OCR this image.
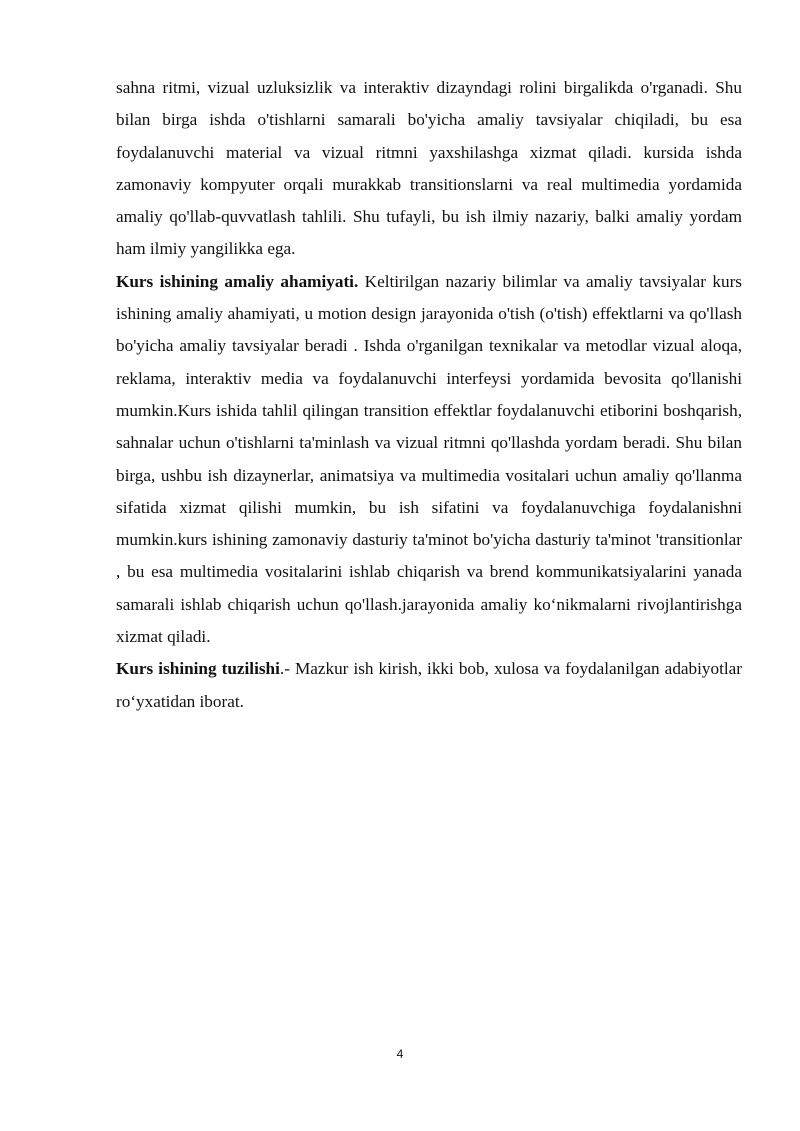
sahna ritmi, vizual uzluksizlik va interaktiv dizayndagi rolini birgalikda o'rganadi. Shu bilan birga ishda o'tishlarni samarali bo'yicha amaliy tavsiyalar chiqiladi, bu esa foydalanuvchi material va vizual ritmni yaxshilashga xizmat qiladi. kursida ishda zamonaviy kompyuter orqali murakkab transitionslarni va real multimedia yordamida amaliy qo'llab-quvvatlash tahlili. Shu tufayli, bu ish ilmiy nazariy, balki amaliy yordam ham ilmiy yangilikka ega.

Kurs ishining amaliy ahamiyati. Keltirilgan nazariy bilimlar va amaliy tavsiyalar kurs ishining amaliy ahamiyati, u motion design jarayonida o'tish (o'tish) effektlarni va qo'llash bo'yicha amaliy tavsiyalar beradi . Ishda o'rganilgan texnikalar va metodlar vizual aloqa, reklama, interaktiv media va foydalanuvchi interfeysi yordamida bevosita qo'llanishi mumkin.Kurs ishida tahlil qilingan transition effektlar foydalanuvchi etiborini boshqarish, sahnalar uchun o'tishlarni ta'minlash va vizual ritmni qo'llashda yordam beradi. Shu bilan birga, ushbu ish dizaynerlar, animatsiya va multimedia vositalari uchun amaliy qo'llanma sifatida xizmat qilishi mumkin, bu ish sifatini va foydalanuvchiga foydalanishni mumkin.kurs ishining zamonaviy dasturiy ta'minot bo'yicha dasturiy ta'minot 'transitionlar , bu esa multimedia vositalarini ishlab chiqarish va brend kommunikatsiyalarini yanada samarali ishlab chiqarish uchun qo'llash.jarayonida amaliy ko‘nikmalarni rivojlantirishga xizmat qiladi.

Kurs ishining tuzilishi.- Mazkur ish kirish, ikki bob, xulosa va foydalanilgan adabiyotlar ro‘yxatidan iborat.

4
